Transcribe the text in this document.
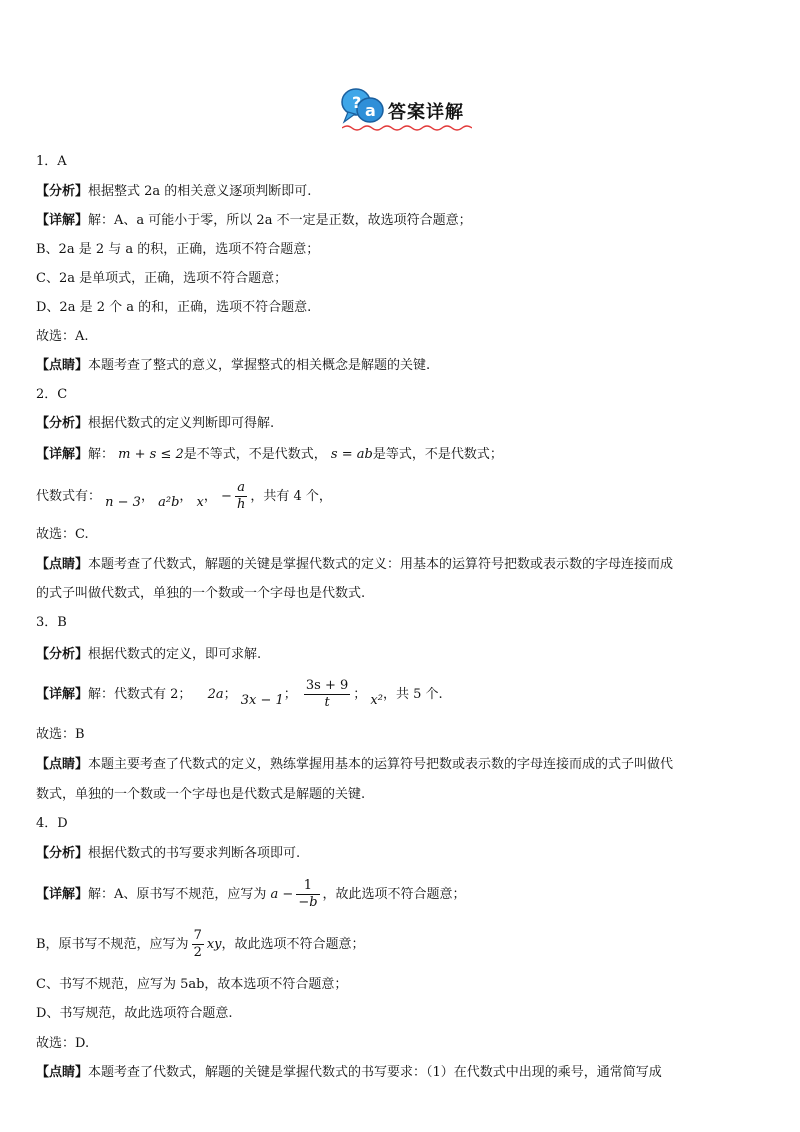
? a 答案详解
1．A
【分析】根据整式 2a 的相关意义逐项判断即可.
【详解】解：A、a 可能小于零，所以 2a 不一定是正数，故选项符合题意；
B、2a 是 2 与 a 的积，正确，选项不符合题意；
C、2a 是单项式，正确，选项不符合题意；
D、2a 是 2 个 a 的和，正确，选项不符合题意.
故选：A.
【点睛】本题考查了整式的意义，掌握整式的相关概念是解题的关键.
2．C
【分析】根据代数式的定义判断即可得解.
【详解】解： m + s ≤ 2是不等式，不是代数式， s = ab是等式，不是代数式；
代数式有： n − 3， a²b， x， − $\frac{a}{h}$ ，共有 4 个，
故选：C.
【点睛】本题考查了代数式，解题的关键是掌握代数式的定义：用基本的运算符号把数或表示数的字母连接而成
的式子叫做代数式，单独的一个数或一个字母也是代数式.
3．B
【分析】根据代数式的定义，即可求解.
【详解】解：代数式有 2； 2a； 3x − 1； $\frac{3s + 9}{t}$ ； x²，共 5 个.
故选：B
【点睛】本题主要考查了代数式的定义，熟练掌握用基本的运算符号把数或表示数的字母连接而成的式子叫做代
数式，单独的一个数或一个字母也是代数式是解题的关键.
4．D
【分析】根据代数式的书写要求判断各项即可.
【详解】解：A、原书写不规范，应写为 $a - \frac{1}{-b}$ ，故此选项不符合题意；
B，原书写不规范，应写为 $\frac{7}{2}$ xy，故此选项不符合题意；
C、书写不规范，应写为 5ab，故本选项不符合题意；
D、书写规范，故此选项符合题意.
故选：D.
【点睛】本题考查了代数式，解题的关键是掌握代数式的书写要求：（1）在代数式中出现的乘号，通常简写成
